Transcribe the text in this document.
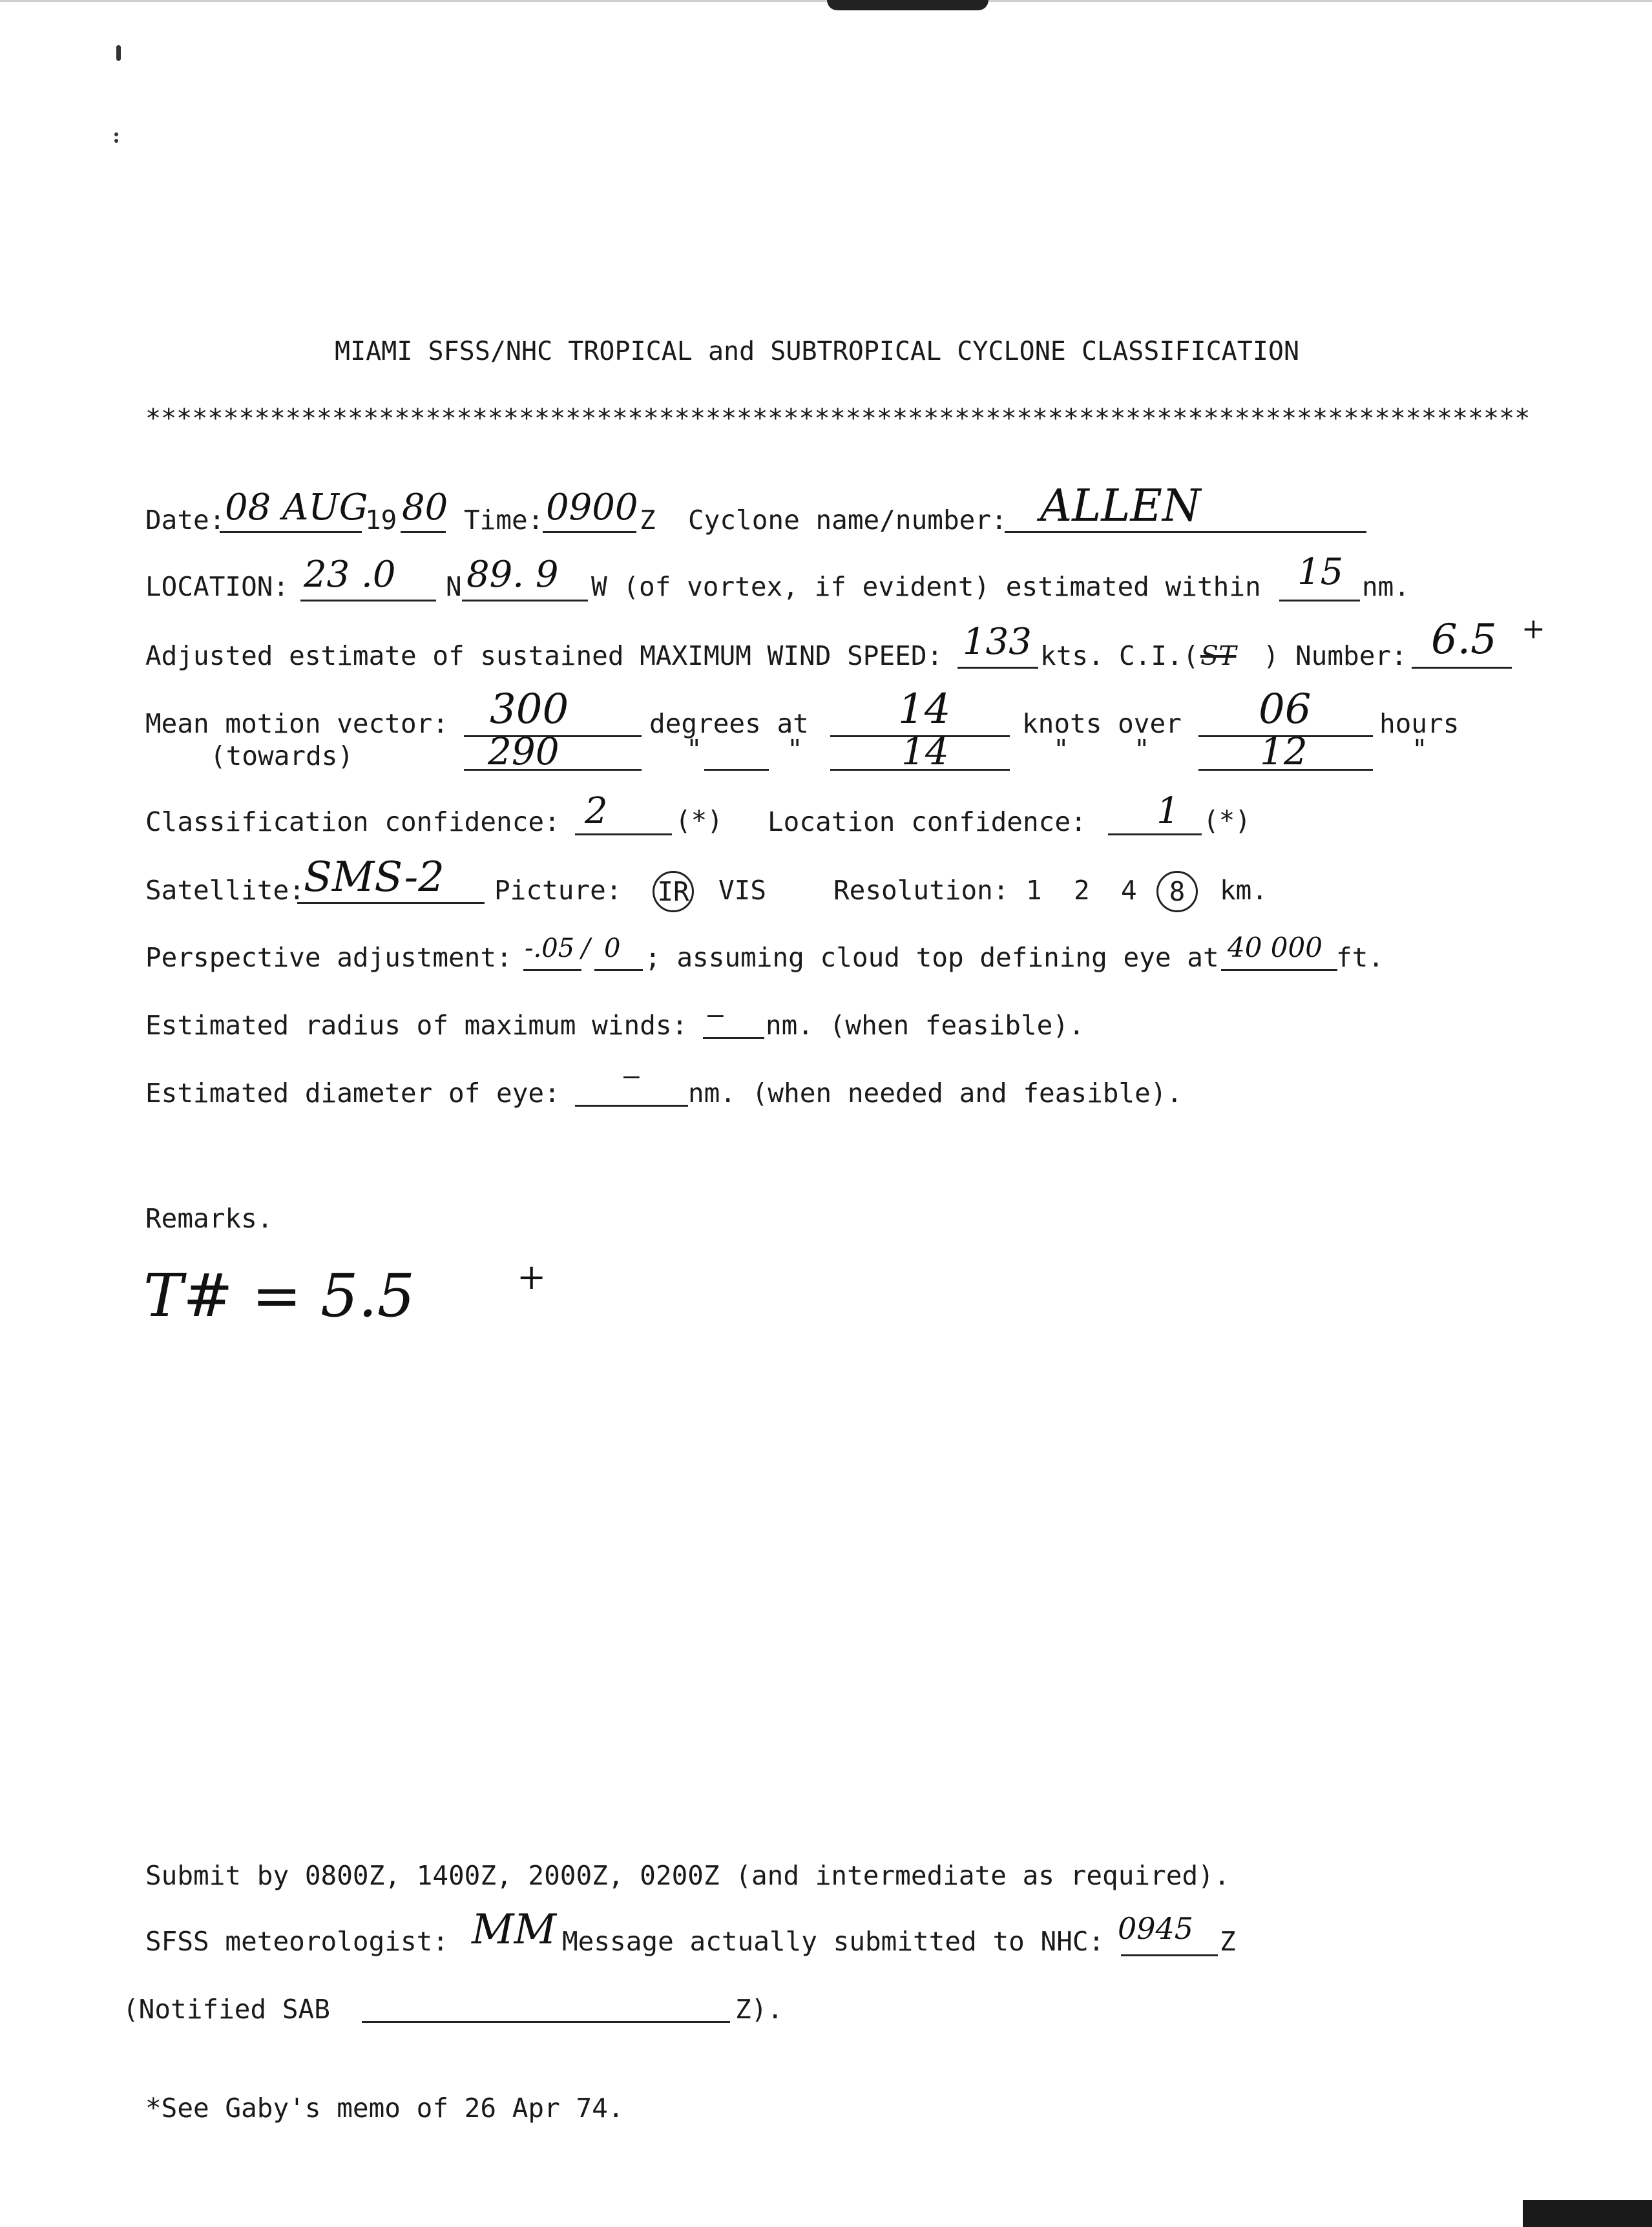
MIAMI SFSS/NHC TROPICAL and SUBTROPICAL CYCLONE CLASSIFICATION
*****************************************************************************************
Date: 08 AUG
19 80 Time: 0900 Z Cyclone name/number: ALLEN
LOCATION: 23 .0 N 89. 9 W (of vortex, if evident) estimated within 15 nm.
Adjusted estimate of sustained MAXIMUM WIND SPEED: 133 kts. C.I.( ST ) Number: 6.5 +
Mean motion vector: 300	degrees at 14	knots over 06	hours
(towards)	290	"	"	14	" "	12	"
Classification confidence: 2	(*) Location confidence: 1 (*)
Satellite:
SMS-2 Picture: IR VIS	Resolution: 1 2 4	8	km.
Perspective adjustment: -.05 / 0 ; assuming cloud top defining eye at 40 000 ft.
Estimated radius of maximum winds: — nm. (when feasible).
Estimated diameter of eye:
—
nm. (when needed and feasible).
Remarks.
T# = 5.5	+
Submit by 0800Z, 1400Z, 2000Z, 0200Z (and intermediate as required).
SFSS meteorologist: MM Message actually submitted to NHC: 0945 Z
(Notified SAB	Z).
*See Gaby's memo of 26 Apr 74.
